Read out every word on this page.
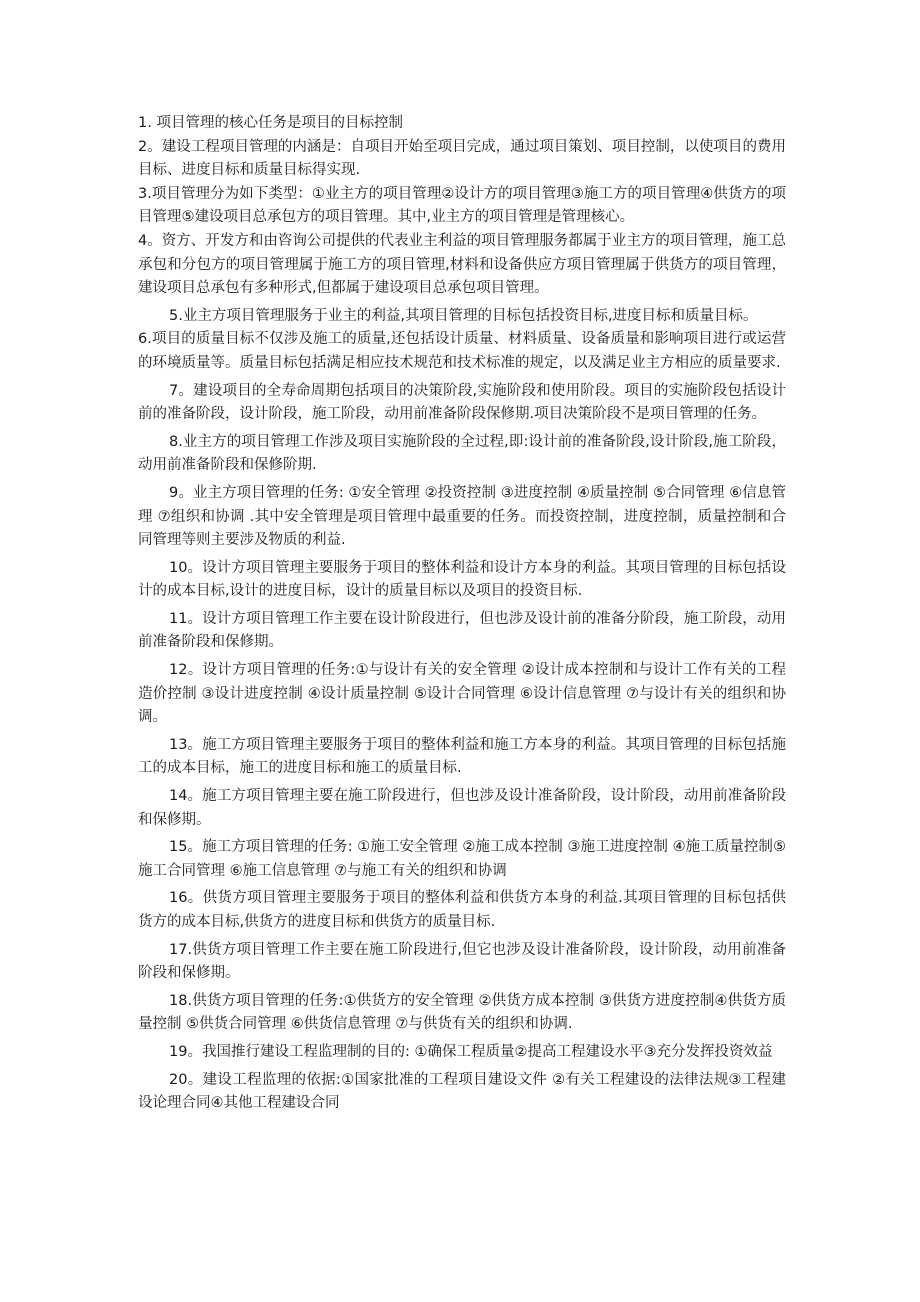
1. 项目管理的核心任务是项目的目标控制

2。建设工程项目管理的内涵是：自项目开始至项目完成，通过项目策划、项目控制，以使项目的费用目标、进度目标和质量目标得实现.

3.项目管理分为如下类型：①业主方的项目管理②设计方的项目管理③施工方的项目管理④供货方的项目管理⑤建设项目总承包方的项目管理。其中,业主方的项目管理是管理核心。

4。资方、开发方和由咨询公司提供的代表业主利益的项目管理服务都属于业主方的项目管理，施工总承包和分包方的项目管理属于施工方的项目管理,材料和设备供应方项目管理属于供货方的项目管理，建设项目总承包有多种形式,但都属于建设项目总承包项目管理。

5.业主方项目管理服务于业主的利益,其项目管理的目标包括投资目标,进度目标和质量目标。

6.项目的质量目标不仅涉及施工的质量,还包括设计质量、材料质量、设备质量和影响项目进行或运营的环境质量等。质量目标包括满足相应技术规范和技术标准的规定，以及满足业主方相应的质量要求.

7。建设项目的全寿命周期包括项目的决策阶段,实施阶段和使用阶段。项目的实施阶段包括设计前的准备阶段，设计阶段，施工阶段，动用前准备阶段保修期.项目决策阶段不是项目管理的任务。

8.业主方的项目管理工作涉及项目实施阶段的全过程,即:设计前的准备阶段,设计阶段,施工阶段，动用前准备阶段和保修阶期.

9。业主方项目管理的任务: ①安全管理 ②投资控制 ③进度控制 ④质量控制 ⑤合同管理 ⑥信息管理 ⑦组织和协调 .其中安全管理是项目管理中最重要的任务。而投资控制，进度控制，质量控制和合同管理等则主要涉及物质的利益.

10。设计方项目管理主要服务于项目的整体利益和设计方本身的利益。其项目管理的目标包括设计的成本目标,设计的进度目标，设计的质量目标以及项目的投资目标.

11。设计方项目管理工作主要在设计阶段进行，但也涉及设计前的准备分阶段，施工阶段，动用前准备阶段和保修期。

12。设计方项目管理的任务:①与设计有关的安全管理 ②设计成本控制和与设计工作有关的工程造价控制 ③设计进度控制 ④设计质量控制 ⑤设计合同管理 ⑥设计信息管理 ⑦与设计有关的组织和协调。

13。施工方项目管理主要服务于项目的整体利益和施工方本身的利益。其项目管理的目标包括施工的成本目标，施工的进度目标和施工的质量目标.

14。施工方项目管理主要在施工阶段进行，但也涉及设计准备阶段，设计阶段，动用前准备阶段和保修期。

15。施工方项目管理的任务: ①施工安全管理 ②施工成本控制 ③施工进度控制 ④施工质量控制⑤施工合同管理 ⑥施工信息管理 ⑦与施工有关的组织和协调

16。供货方项目管理主要服务于项目的整体利益和供货方本身的利益.其项目管理的目标包括供货方的成本目标,供货方的进度目标和供货方的质量目标.

17.供货方项目管理工作主要在施工阶段进行,但它也涉及设计准备阶段，设计阶段，动用前准备阶段和保修期。

18.供货方项目管理的任务:①供货方的安全管理 ②供货方成本控制 ③供货方进度控制④供货方质量控制 ⑤供货合同管理 ⑥供货信息管理 ⑦与供货有关的组织和协调.

19。我国推行建设工程监理制的目的: ①确保工程质量②提高工程建设水平③充分发挥投资效益

20。建设工程监理的依据:①国家批准的工程项目建设文件 ②有关工程建设的法律法规③工程建设论理合同④其他工程建设合同
